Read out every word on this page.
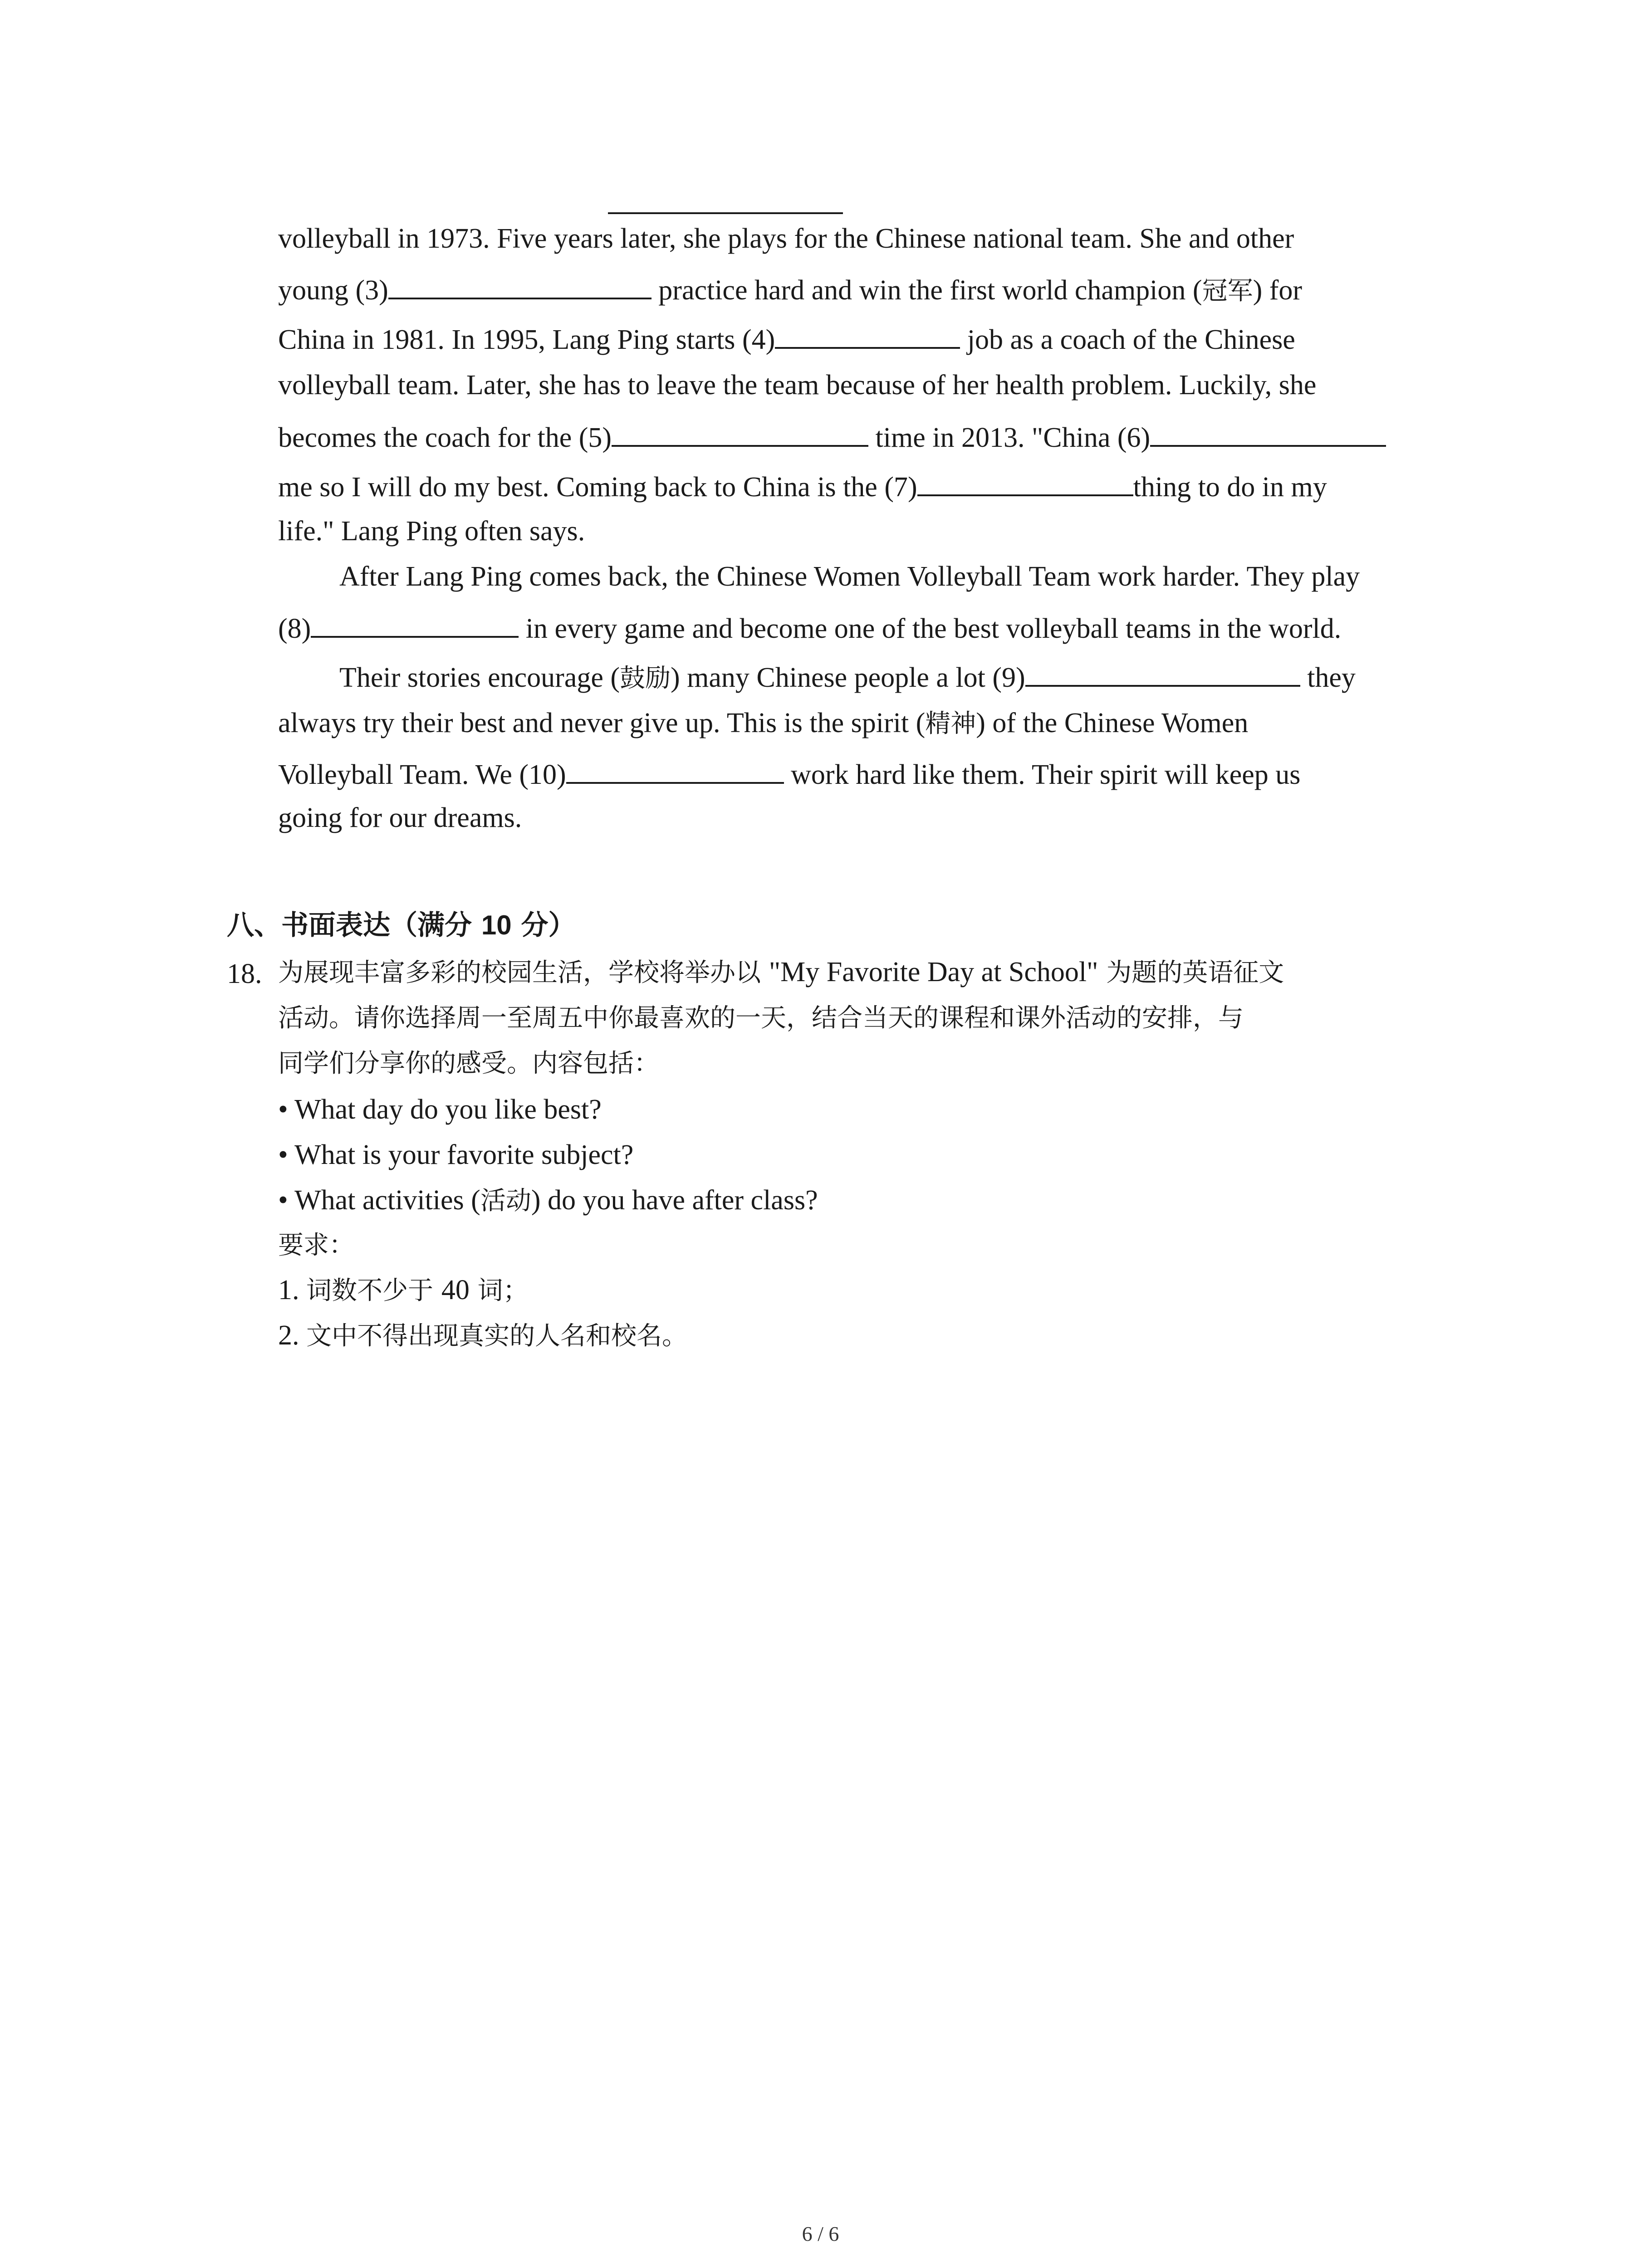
volleyball in 1973. Five years later, she plays for the Chinese national team. She and other
young (3)	practice hard and win the first world champion (冠军) for
China in 1981. In 1995, Lang Ping starts (4)	job as a coach of the Chinese
volleyball team. Later, she has to leave the team because of her health problem. Luckily, she
becomes the coach for the (5)	time in 2013. "China (6)
me so I will do my best. Coming back to China is the (7)	thing to do in my
life." Lang Ping often says.
After Lang Ping comes back, the Chinese Women Volleyball Team work harder. They play
(8)	in every game and become one of the best volleyball teams in the world.
Their stories encourage (鼓励) many Chinese people a lot (9)	they
always try their best and never give up. This is the spirit (精神) of the Chinese Women
Volleyball Team. We (10)	work hard like them. Their spirit will keep us
going for our dreams.
八、书面表达（满分 10 分）
18. 为展现丰富多彩的校园生活，学校将举办以 "My Favorite Day at School" 为题的英语征文
活动。请你选择周一至周五中你最喜欢的一天，结合当天的课程和课外活动的安排，与
同学们分享你的感受。内容包括：
• What day do you like best?
• What is your favorite subject?
• What activities (活动) do you have after class?
要求：
1. 词数不少于 40 词；
2. 文中不得出现真实的人名和校名。
6 / 6
